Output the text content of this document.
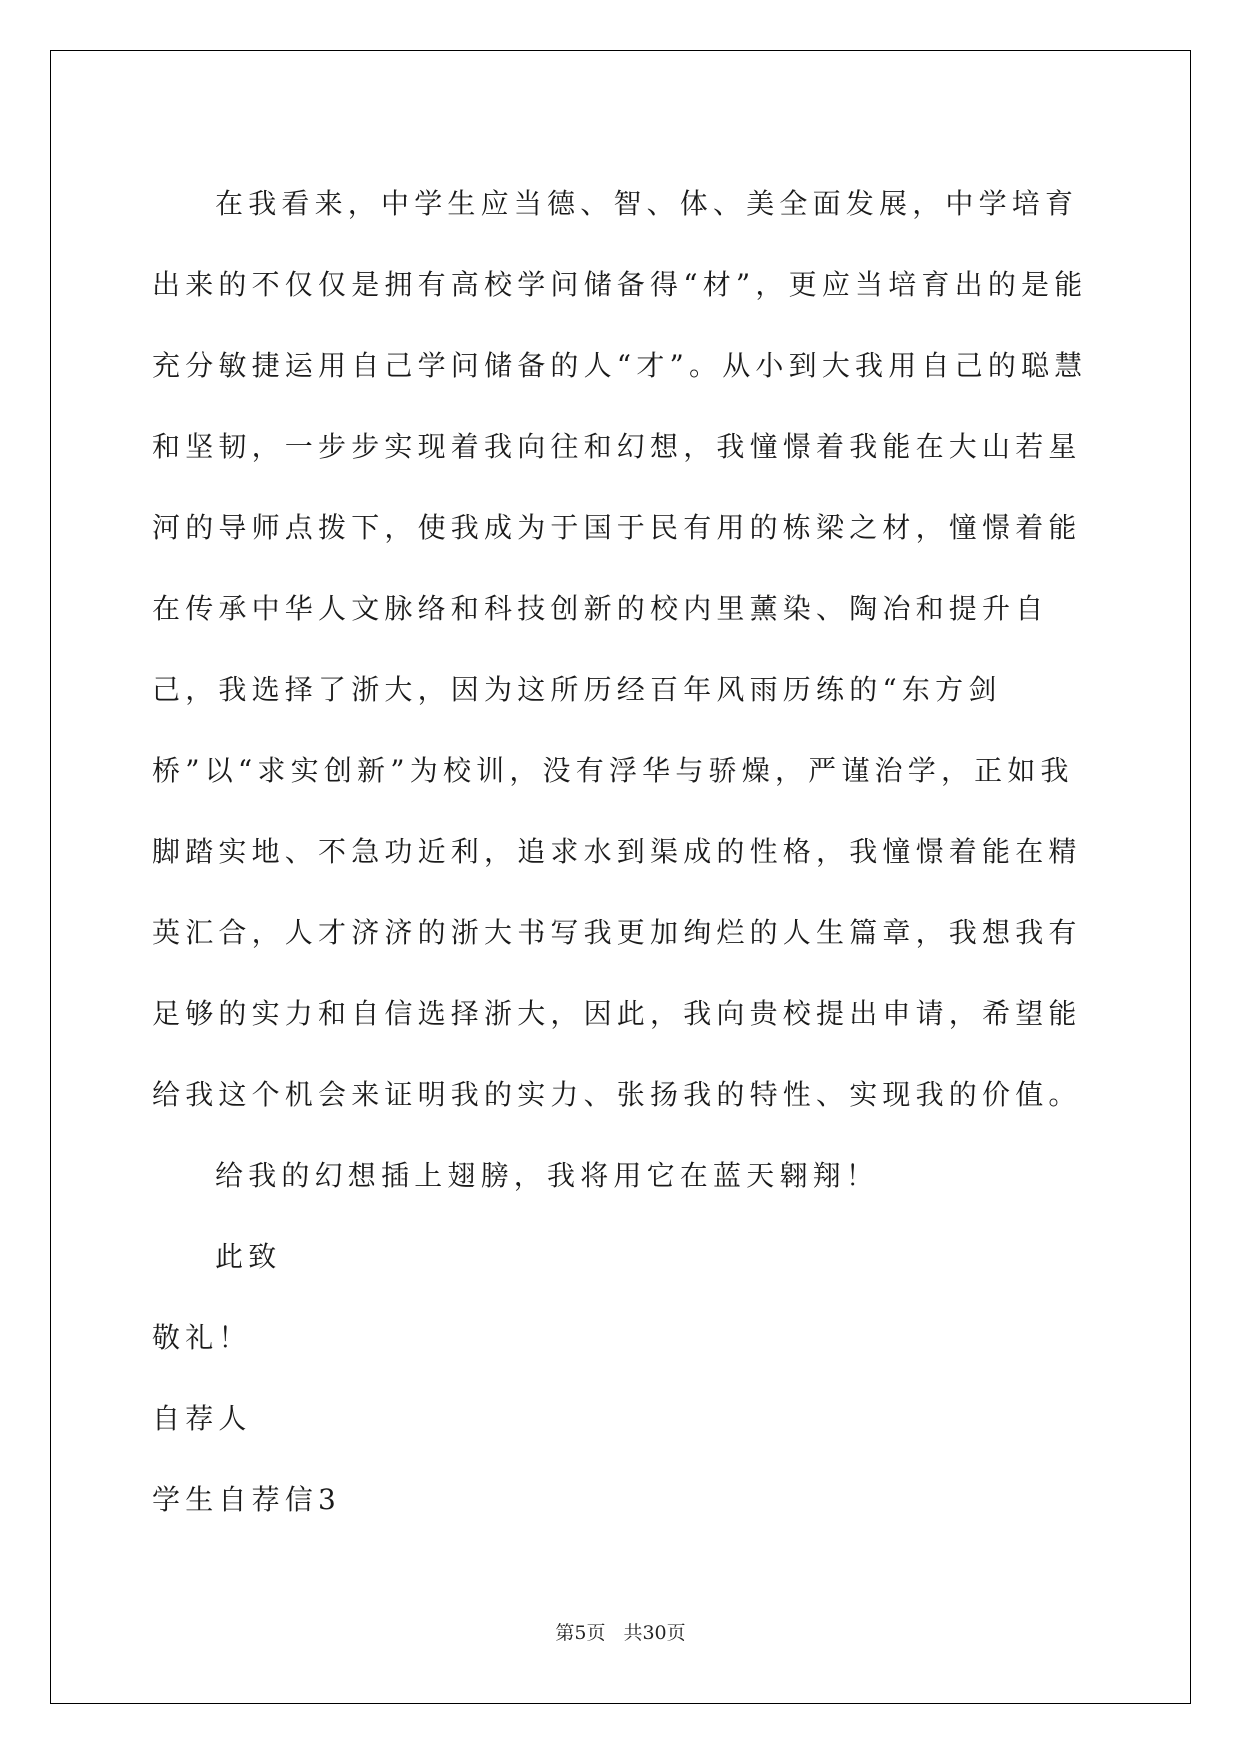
在我看来，中学生应当德、智、体、美全面发展，中学培育出来的不仅仅是拥有高校学问储备得“材”，更应当培育出的是能充分敏捷运用自己学问储备的人“才”。从小到大我用自己的聪慧和坚韧，一步步实现着我向往和幻想，我憧憬着我能在大山若星河的导师点拨下，使我成为于国于民有用的栋梁之材，憧憬着能在传承中华人文脉络和科技创新的校内里薰染、陶冶和提升自己，我选择了浙大，因为这所历经百年风雨历练的“东方剑桥”以“求实创新”为校训，没有浮华与骄燥，严谨治学，正如我脚踏实地、不急功近利，追求水到渠成的性格，我憧憬着能在精英汇合，人才济济的浙大书写我更加绚烂的人生篇章，我想我有足够的实力和自信选择浙大，因此，我向贵校提出申请，希望能给我这个机会来证明我的实力、张扬我的特性、实现我的价值。

给我的幻想插上翅膀，我将用它在蓝天翱翔！

此致

敬礼！

自荐人

学生自荐信3

第5页 共30页
